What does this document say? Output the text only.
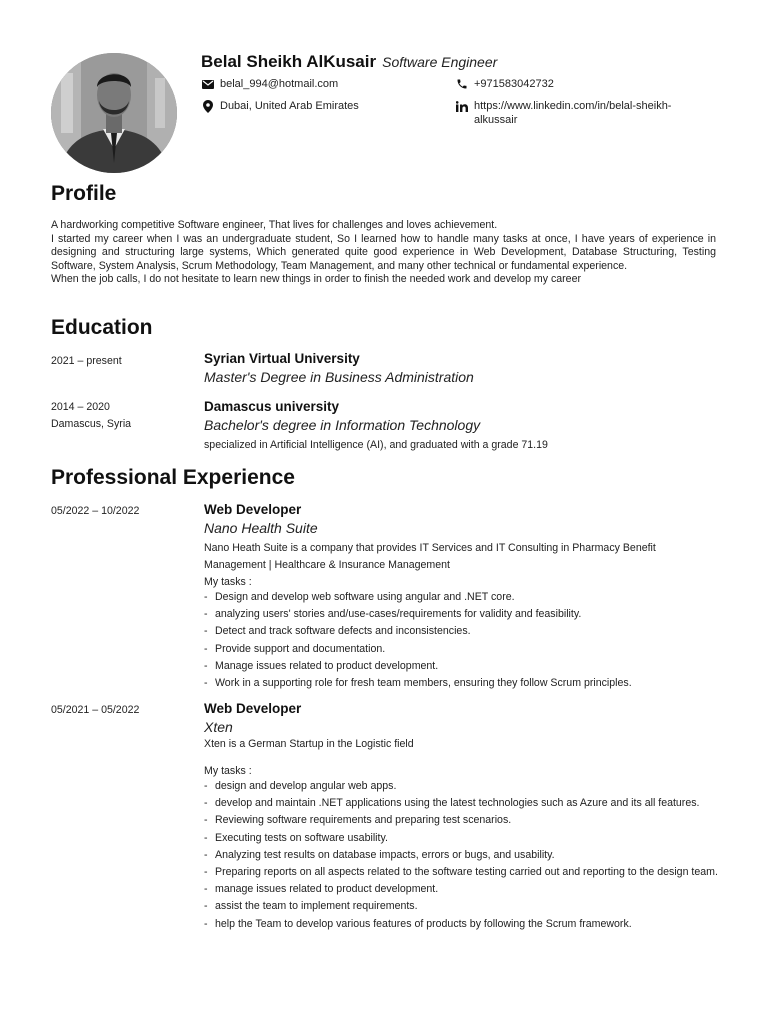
Belal Sheikh AlKusair Software Engineer
belal_994@hotmail.com	+971583042732
Dubai, United Arab Emirates	https://www.linkedin.com/in/belal-sheikh-alkussair
Profile

A hardworking competitive Software engineer, That lives for challenges and loves achievement.

I started my career when I was an undergraduate student, So I learned how to handle many tasks at once, I have years of experience in designing and structuring large systems, Which generated quite good experience in Web Development, Database Structuring, Testing Software, System Analysis, Scrum Methodology, Team Management, and many other technical or fundamental experience.

When the job calls, I do not hesitate to learn new things in order to finish the needed work and develop my career

Education
2021 – present	Syrian Virtual University
Master's Degree in Business Administration
2014 – 2020
Damascus, Syria
Damascus university
Bachelor's degree in Information Technology
specialized in Artificial Intelligence (AI), and graduated with a grade 71.19
Professional Experience
05/2022 – 10/2022	Web Developer
Nano Health Suite
Nano Heath Suite is a company that provides IT Services and IT Consulting in Pharmacy Benefit Management | Healthcare & Insurance Management
My tasks :
- Design and develop web software using angular and .NET core.
- analyzing users' stories and/use-cases/requirements for validity and feasibility.
- Detect and track software defects and inconsistencies.
- Provide support and documentation.
- Manage issues related to product development.
- Work in a supporting role for fresh team members, ensuring they follow Scrum principles.
05/2021 – 05/2022	Web Developer
Xten
Xten is a German Startup in the Logistic field
My tasks :
- design and develop angular web apps.
- develop and maintain .NET applications using the latest technologies such as Azure and its all features.
- Reviewing software requirements and preparing test scenarios.
- Executing tests on software usability.
- Analyzing test results on database impacts, errors or bugs, and usability.
- Preparing reports on all aspects related to the software testing carried out and reporting to the design team.
- manage issues related to product development.
- assist the team to implement requirements.
- help the Team to develop various features of products by following the Scrum framework.
